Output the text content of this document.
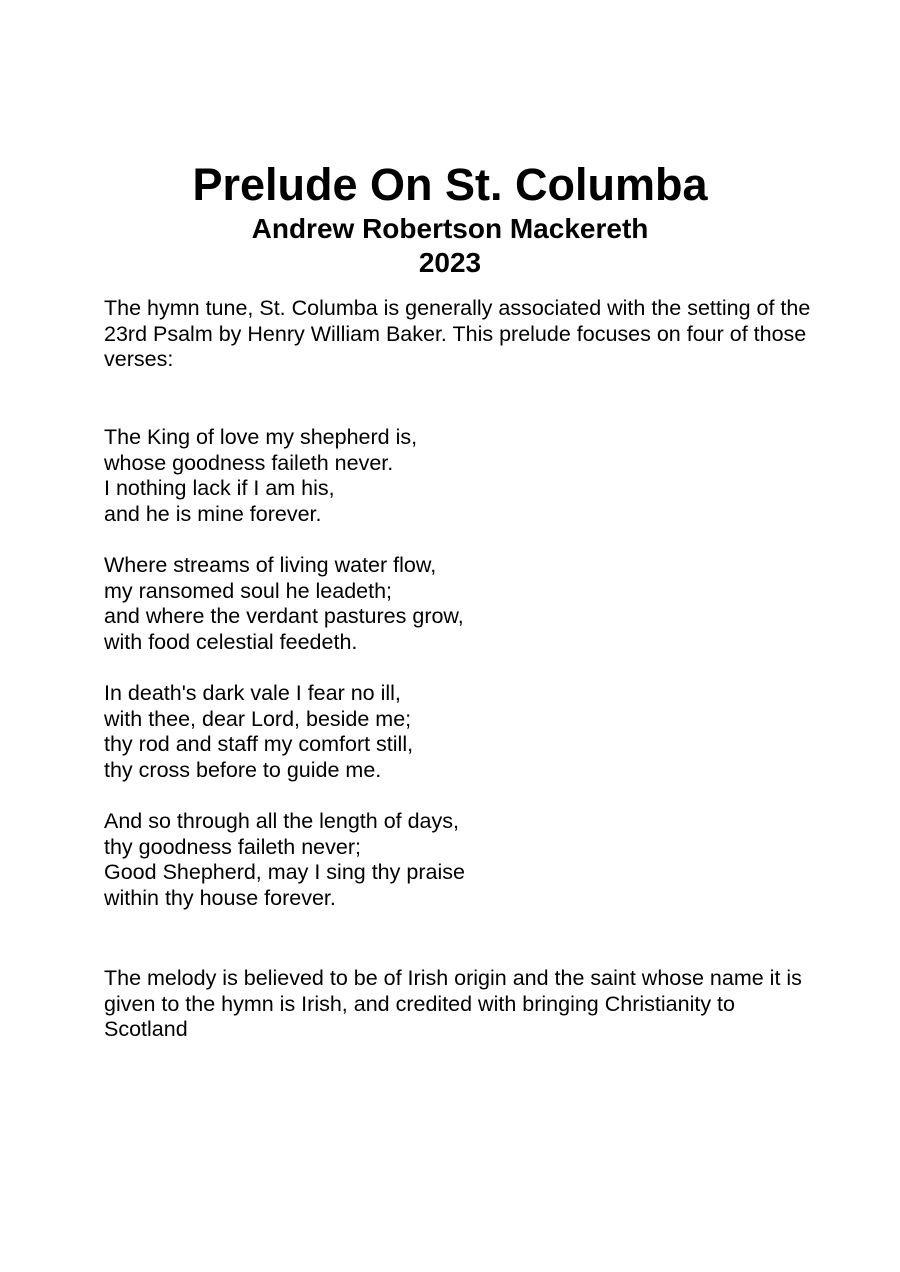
Prelude On St. Columba

Andrew Robertson Mackereth

2023

The hymn tune, St. Columba is generally associated with the setting of the 23rd Psalm by Henry William Baker. This prelude focuses on four of those verses:

The King of love my shepherd is,
whose goodness faileth never.
I nothing lack if I am his,
and he is mine forever.

Where streams of living water flow,
my ransomed soul he leadeth;
and where the verdant pastures grow,
with food celestial feedeth.

In death's dark vale I fear no ill,
with thee, dear Lord, beside me;
thy rod and staff my comfort still,
thy cross before to guide me.

And so through all the length of days,
thy goodness faileth never;
Good Shepherd, may I sing thy praise
within thy house forever.

The melody is believed to be of Irish origin and the saint whose name it is given to the hymn is Irish, and credited with bringing Christianity to Scotland
